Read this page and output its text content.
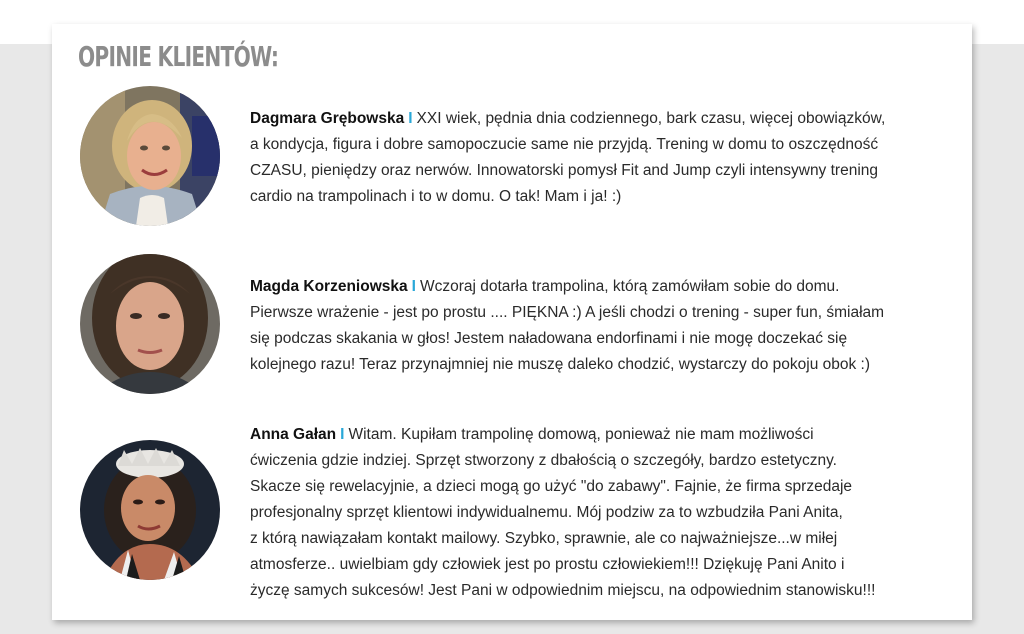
OPINIE KLIENTÓW:
Dagmara Grębowska I XXI wiek, pędnia dnia codziennego, bark czasu, więcej obowiązków,
a kondycja, figura i dobre samopoczucie same nie przyjdą. Trening w domu to oszczędność
CZASU, pieniędzy oraz nerwów. Innowatorski pomysł Fit and Jump czyli intensywny trening
cardio na trampolinach i to w domu. O tak! Mam i ja! :)
Magda Korzeniowska I Wczoraj dotarła trampolina, którą zamówiłam sobie do domu.
Pierwsze wrażenie - jest po prostu .... PIĘKNA :) A jeśli chodzi o trening - super fun, śmiałam
się podczas skakania w głos! Jestem naładowana endorfinami i nie mogę doczekać się
kolejnego razu! Teraz przynajmniej nie muszę daleko chodzić, wystarczy do pokoju obok :)
Anna Gałan I Witam. Kupiłam trampolinę domową, ponieważ nie mam możliwości
ćwiczenia gdzie indziej. Sprzęt stworzony z dbałością o szczegóły, bardzo estetyczny.
Skacze się rewelacyjnie, a dzieci mogą go użyć "do zabawy". Fajnie, że firma sprzedaje
profesjonalny sprzęt klientowi indywidualnemu. Mój podziw za to wzbudziła Pani Anita,
z którą nawiązałam kontakt mailowy. Szybko, sprawnie, ale co najważniejsze...w miłej
atmosferze.. uwielbiam gdy człowiek jest po prostu człowiekiem!!! Dziękuję Pani Anito i
życzę samych sukcesów! Jest Pani w odpowiednim miejscu, na odpowiednim stanowisku!!!
